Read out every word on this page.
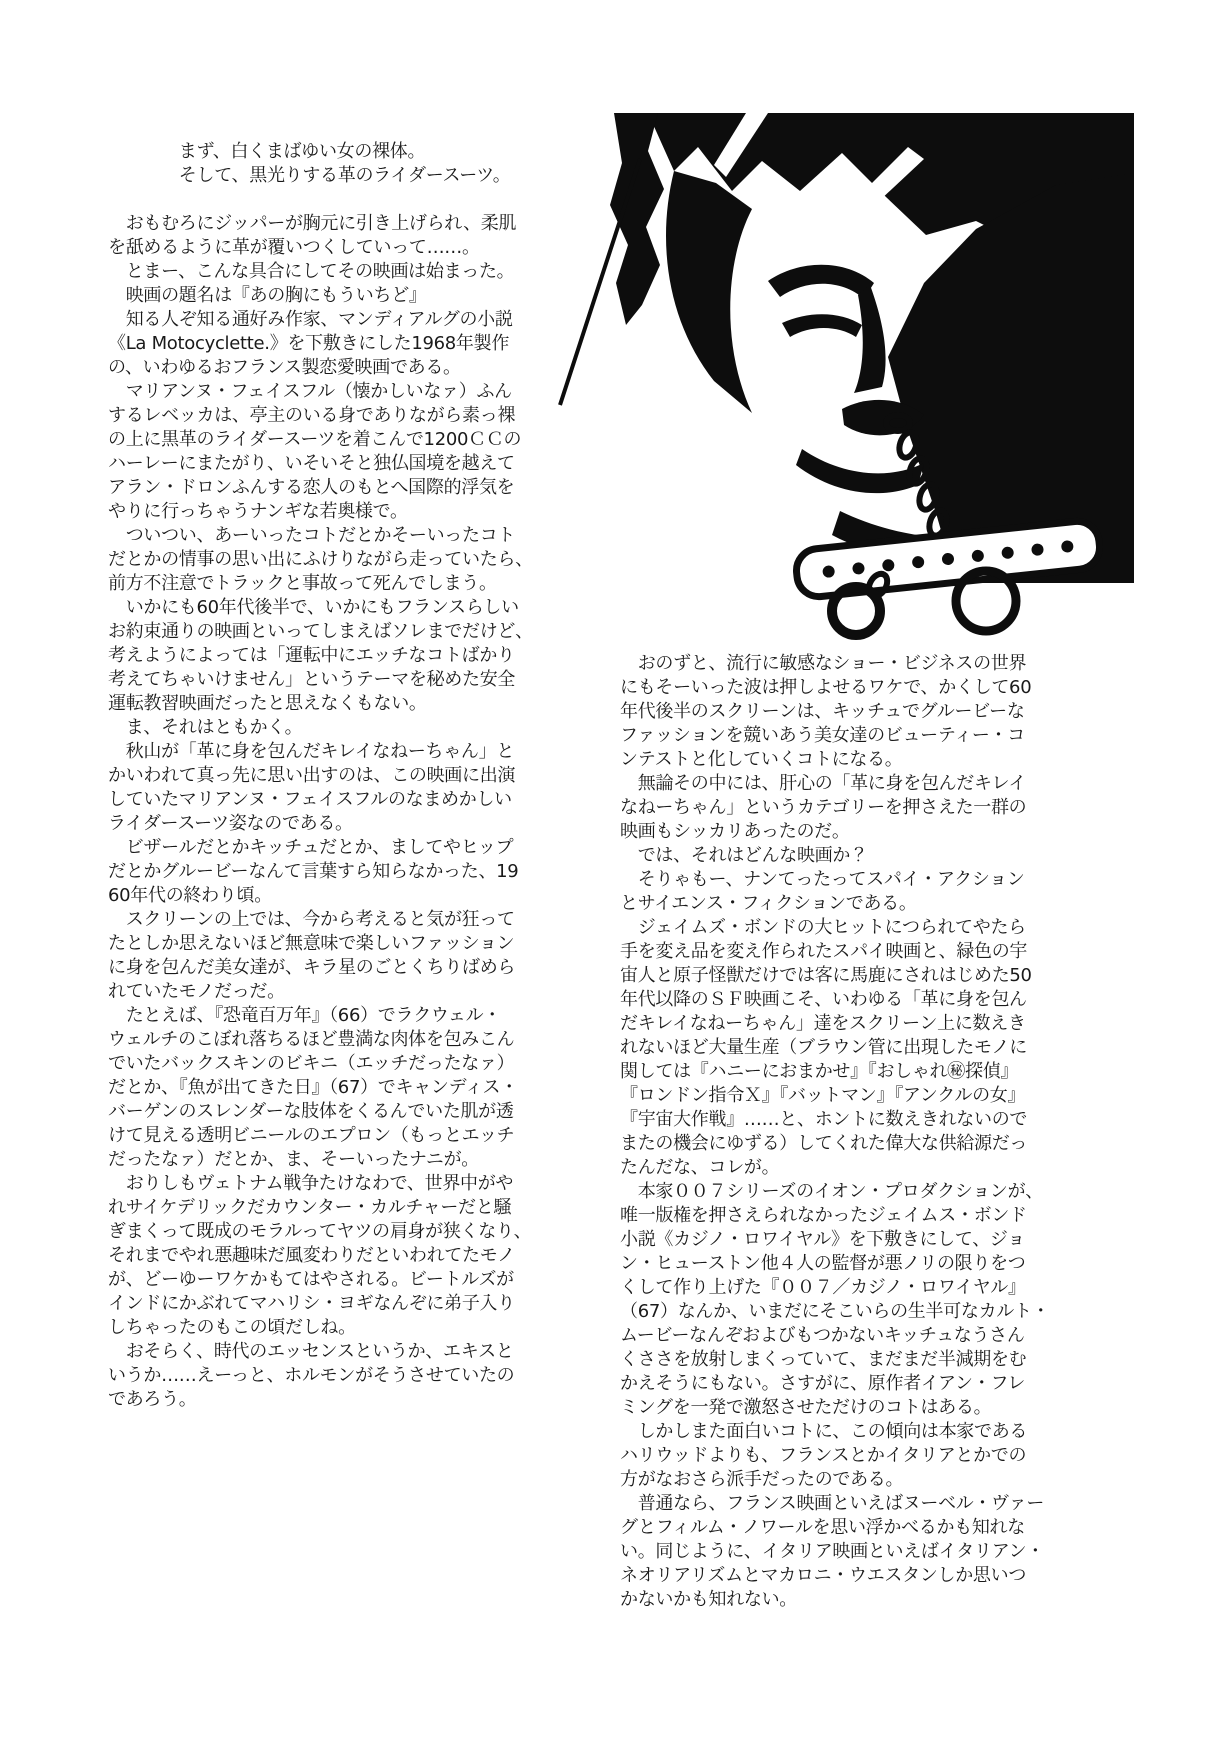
　　　　まず、白くまばゆい女の裸体。
　　　　そして、黒光りする革のライダースーツ。

　おもむろにジッパーが胸元に引き上げられ、柔肌
を舐めるように革が覆いつくしていって……。
　とまー、こんな具合にしてその映画は始まった。
　映画の題名は『あの胸にもういちど』
　知る人ぞ知る通好み作家、マンディアルグの小説
《La Motocyclette.》を下敷きにした1968年製作
の、いわゆるおフランス製恋愛映画である。
　マリアンヌ・フェイスフル（懐かしいなァ）ふん
するレベッカは、亭主のいる身でありながら素っ裸
の上に黒革のライダースーツを着こんで1200ＣＣの
ハーレーにまたがり、いそいそと独仏国境を越えて
アラン・ドロンふんする恋人のもとへ国際的浮気を
やりに行っちゃうナンギな若奥様で。
　ついつい、あーいったコトだとかそーいったコト
だとかの情事の思い出にふけりながら走っていたら、
前方不注意でトラックと事故って死んでしまう。
　いかにも60年代後半で、いかにもフランスらしい
お約束通りの映画といってしまえばソレまでだけど、
考えようによっては「運転中にエッチなコトばかり
考えてちゃいけません」というテーマを秘めた安全
運転教習映画だったと思えなくもない。
　ま、それはともかく。
　秋山が「革に身を包んだキレイなねーちゃん」と
かいわれて真っ先に思い出すのは、この映画に出演
していたマリアンヌ・フェイスフルのなまめかしい
ライダースーツ姿なのである。
　ビザールだとかキッチュだとか、ましてやヒップ
だとかグルービーなんて言葉すら知らなかった、19
60年代の終わり頃。
　スクリーンの上では、今から考えると気が狂って
たとしか思えないほど無意味で楽しいファッション
に身を包んだ美女達が、キラ星のごとくちりばめら
れていたモノだっだ。
　たとえば、『恐竜百万年』（66）でラクウェル・
ウェルチのこぼれ落ちるほど豊満な肉体を包みこん
でいたバックスキンのビキニ（エッチだったなァ）
だとか、『魚が出てきた日』（67）でキャンディス・
バーゲンのスレンダーな肢体をくるんでいた肌が透
けて見える透明ビニールのエプロン（もっとエッチ
だったなァ）だとか、ま、そーいったナニが。
　おりしもヴェトナム戦争たけなわで、世界中がや
れサイケデリックだカウンター・カルチャーだと騒
ぎまくって既成のモラルってヤツの肩身が狭くなり、
それまでやれ悪趣味だ風変わりだといわれてたモノ
が、どーゆーワケかもてはやされる。ビートルズが
インドにかぶれてマハリシ・ヨギなんぞに弟子入り
しちゃったのもこの頃だしね。
　おそらく、時代のエッセンスというか、エキスと
いうか……えーっと、ホルモンがそうさせていたの
であろう。
　おのずと、流行に敏感なショー・ビジネスの世界
にもそーいった波は押しよせるワケで、かくして60
年代後半のスクリーンは、キッチュでグルービーな
ファッションを競いあう美女達のビューティー・コ
ンテストと化していくコトになる。
　無論その中には、肝心の「革に身を包んだキレイ
なねーちゃん」というカテゴリーを押さえた一群の
映画もシッカリあったのだ。
　では、それはどんな映画か？
　そりゃもー、ナンてったってスパイ・アクション
とサイエンス・フィクションである。
　ジェイムズ・ボンドの大ヒットにつられてやたら
手を変え品を変え作られたスパイ映画と、緑色の宇
宙人と原子怪獣だけでは客に馬鹿にされはじめた50
年代以降のＳＦ映画こそ、いわゆる「革に身を包ん
だキレイなねーちゃん」達をスクリーン上に数えき
れないほど大量生産（ブラウン管に出現したモノに
関しては『ハニーにおまかせ』『おしゃれ㊙探偵』
『ロンドン指令Ｘ』『バットマン』『アンクルの女』
『宇宙大作戦』……と、ホントに数えきれないので
またの機会にゆずる）してくれた偉大な供給源だっ
たんだな、コレが。
　本家００７シリーズのイオン・プロダクションが、
唯一版権を押さえられなかったジェイムス・ボンド
小説《カジノ・ロワイヤル》を下敷きにして、ジョ
ン・ヒューストン他４人の監督が悪ノリの限りをつ
くして作り上げた『００７／カジノ・ロワイヤル』
（67）なんか、いまだにそこいらの生半可なカルト・
ムービーなんぞおよびもつかないキッチュなうさん
くささを放射しまくっていて、まだまだ半減期をむ
かえそうにもない。さすがに、原作者イアン・フレ
ミングを一発で激怒させただけのコトはある。
　しかしまた面白いコトに、この傾向は本家である
ハリウッドよりも、フランスとかイタリアとかでの
方がなおさら派手だったのである。
　普通なら、フランス映画といえばヌーベル・ヴァー
グとフィルム・ノワールを思い浮かべるかも知れな
い。同じように、イタリア映画といえばイタリアン・
ネオリアリズムとマカロニ・ウエスタンしか思いつ
かないかも知れない。
